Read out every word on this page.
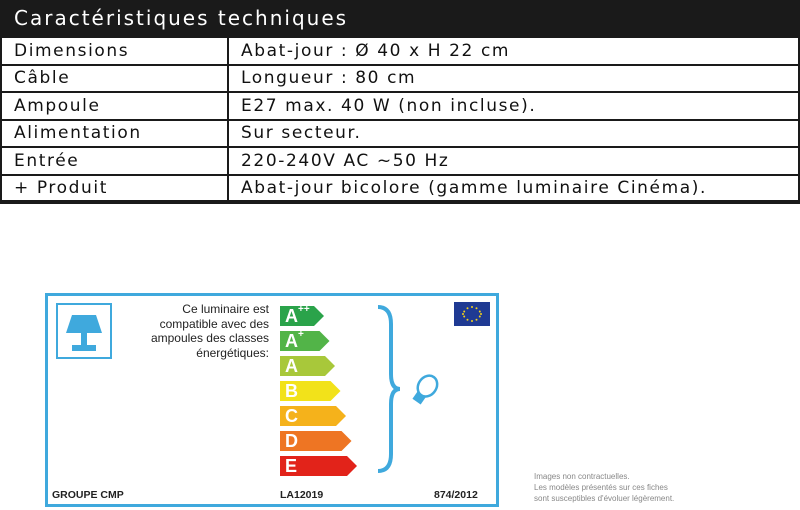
Caractéristiques techniques
Dimensions	Abat-jour : Ø 40 x H 22 cm
Câble	Longueur : 80 cm
Ampoule	E27 max. 40 W (non incluse).
Alimentation	Sur secteur.
Entrée	220-240V AC ~50 Hz
+ Produit	Abat-jour bicolore (gamme luminaire Cinéma).
Ce luminaire est
compatible avec des
ampoules des classes
énergétiques:
A ++
A +
A
B
C
D
E
GROUPE CMP	LA12019	874/2012
Images non contractuelles.
Les modèles présentés sur ces fiches
sont susceptibles d'évoluer légèrement.
